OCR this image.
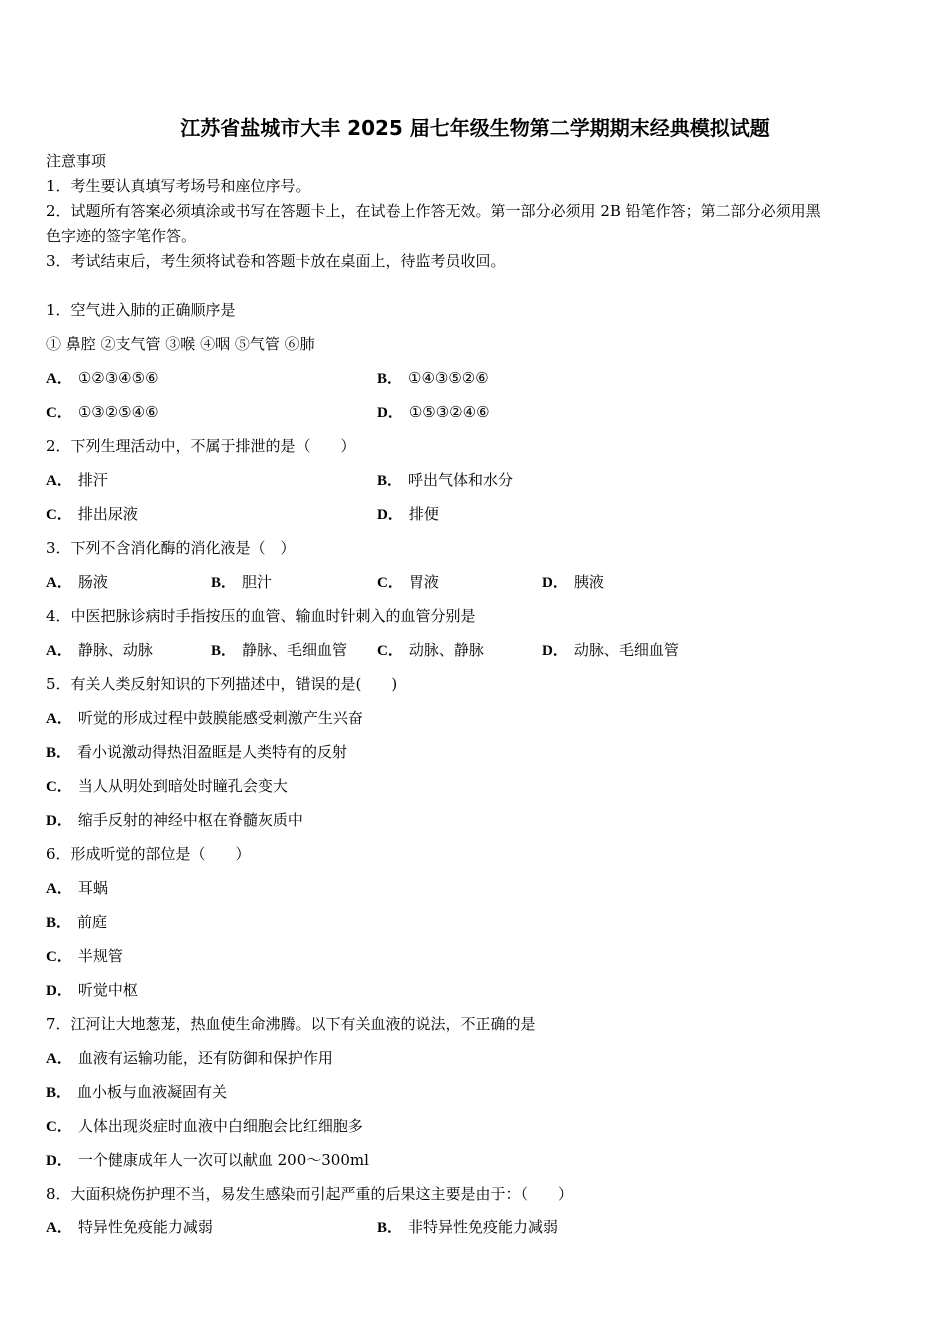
江苏省盐城市大丰 2025 届七年级生物第二学期期末经典模拟试题
注意事项
1．考生要认真填写考场号和座位序号。
2．试题所有答案必须填涂或书写在答题卡上，在试卷上作答无效。第一部分必须用 2B 铅笔作答；第二部分必须用黑
色字迹的签字笔作答。
3．考试结束后，考生须将试卷和答题卡放在桌面上，待监考员收回。
1．空气进入肺的正确顺序是
① 鼻腔 ②支气管 ③喉 ④咽 ⑤气管 ⑥肺
A． ①②③④⑤⑥	B． ①④③⑤②⑥
C． ①③②⑤④⑥	D． ①⑤③②④⑥
2．下列生理活动中，不属于排泄的是（　　）
A． 排汗	B． 呼出气体和水分
C． 排出尿液	D． 排便
3．下列不含消化酶的消化液是（　）
A． 肠液	B． 胆汁	C． 胃液	D． 胰液
4．中医把脉诊病时手指按压的血管、输血时针刺入的血管分别是
A． 静脉、动脉	B． 静脉、毛细血管 C． 动脉、静脉	D． 动脉、毛细血管
5．有关人类反射知识的下列描述中，错误的是(　　)
A． 听觉的形成过程中鼓膜能感受刺激产生兴奋
B． 看小说激动得热泪盈眶是人类特有的反射
C． 当人从明处到暗处时瞳孔会变大
D． 缩手反射的神经中枢在脊髓灰质中
6．形成听觉的部位是（　　）
A． 耳蜗
B． 前庭
C． 半规管
D． 听觉中枢
7．江河让大地葱茏，热血使生命沸腾。以下有关血液的说法，不正确的是
A． 血液有运输功能，还有防御和保护作用
B． 血小板与血液凝固有关
C． 人体出现炎症时血液中白细胞会比红细胞多
D． 一个健康成年人一次可以献血 200～300ml
8．大面积烧伤护理不当，易发生感染而引起严重的后果这主要是由于：（　　）
A． 特异性免疫能力减弱	B． 非特异性免疫能力减弱
